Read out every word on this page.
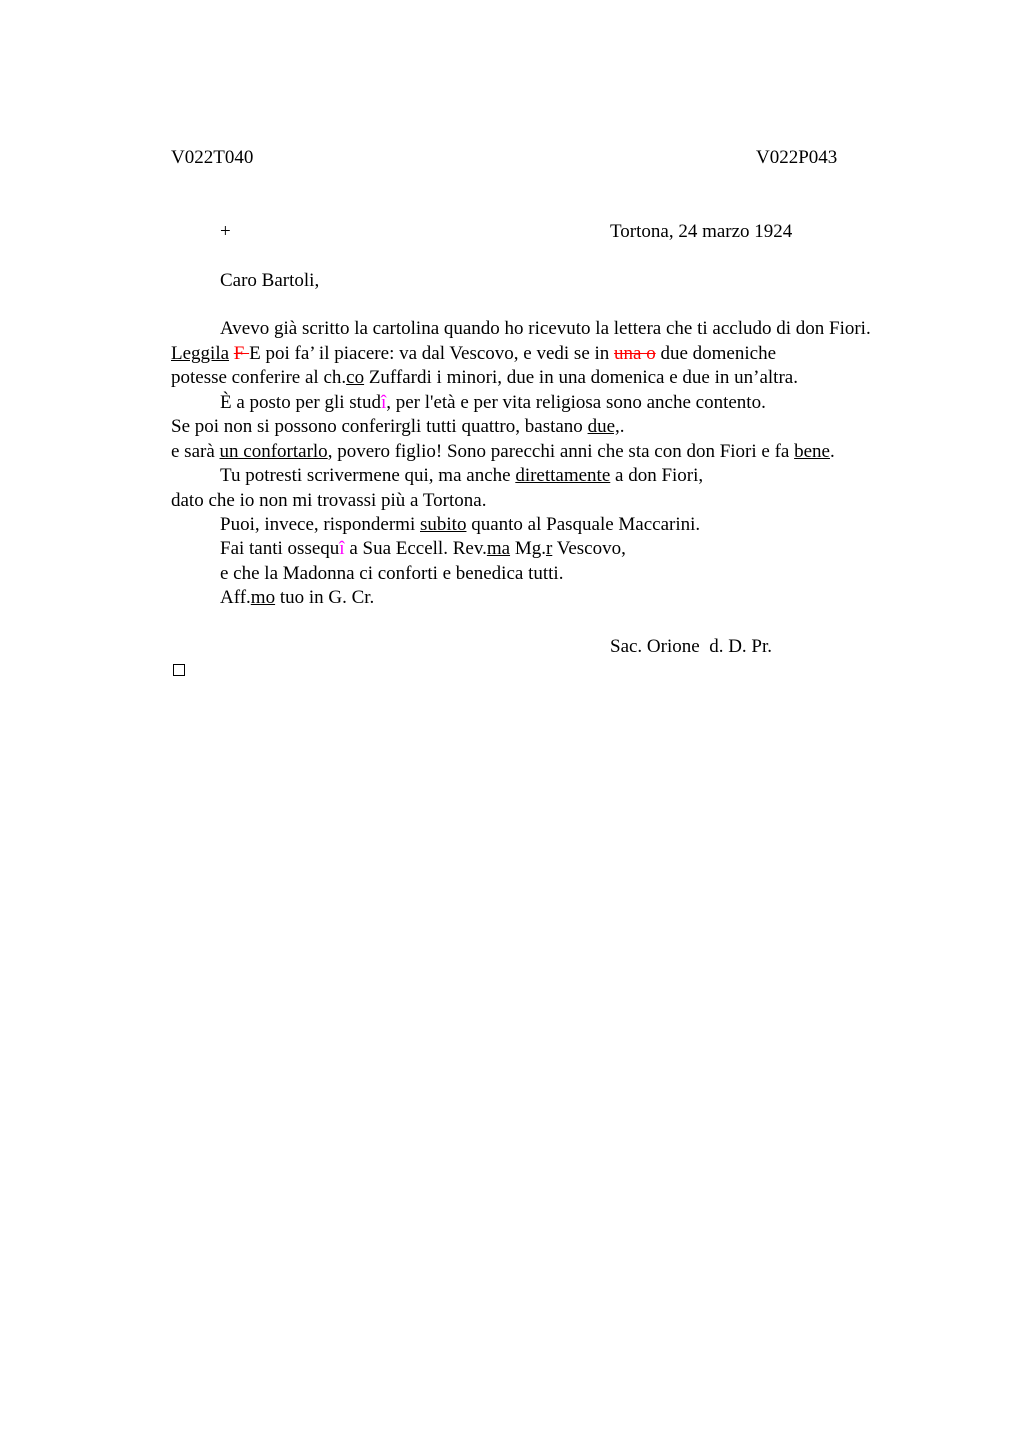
V022T040	V022P043
+	Tortona, 24 marzo 1924
Caro Bartoli,
Avevo già scritto la cartolina quando ho ricevuto la lettera che ti accludo di don Fiori.
Leggila F E poi fa’ il piacere: va dal Vescovo, e vedi se in una o due domeniche
potesse conferire al ch.co Zuffardi i minori, due in una domenica e due in un’altra.
È a posto per gli studî, per l'età e per vita religiosa sono anche contento.
Se poi non si possono conferirgli tutti quattro, bastano due,.
e sarà un confortarlo, povero figlio! Sono parecchi anni che sta con don Fiori e fa bene.
Tu potresti scrivermene qui, ma anche direttamente a don Fiori,
dato che io non mi trovassi più a Tortona.
Puoi, invece, rispondermi subito quanto al Pasquale Maccarini.
Fai tanti ossequî a Sua Eccell. Rev.ma Mg.r Vescovo,
e che la Madonna ci conforti e benedica tutti.
Aff.mo tuo in G. Cr.
Sac. Orione  d. D. Pr.
